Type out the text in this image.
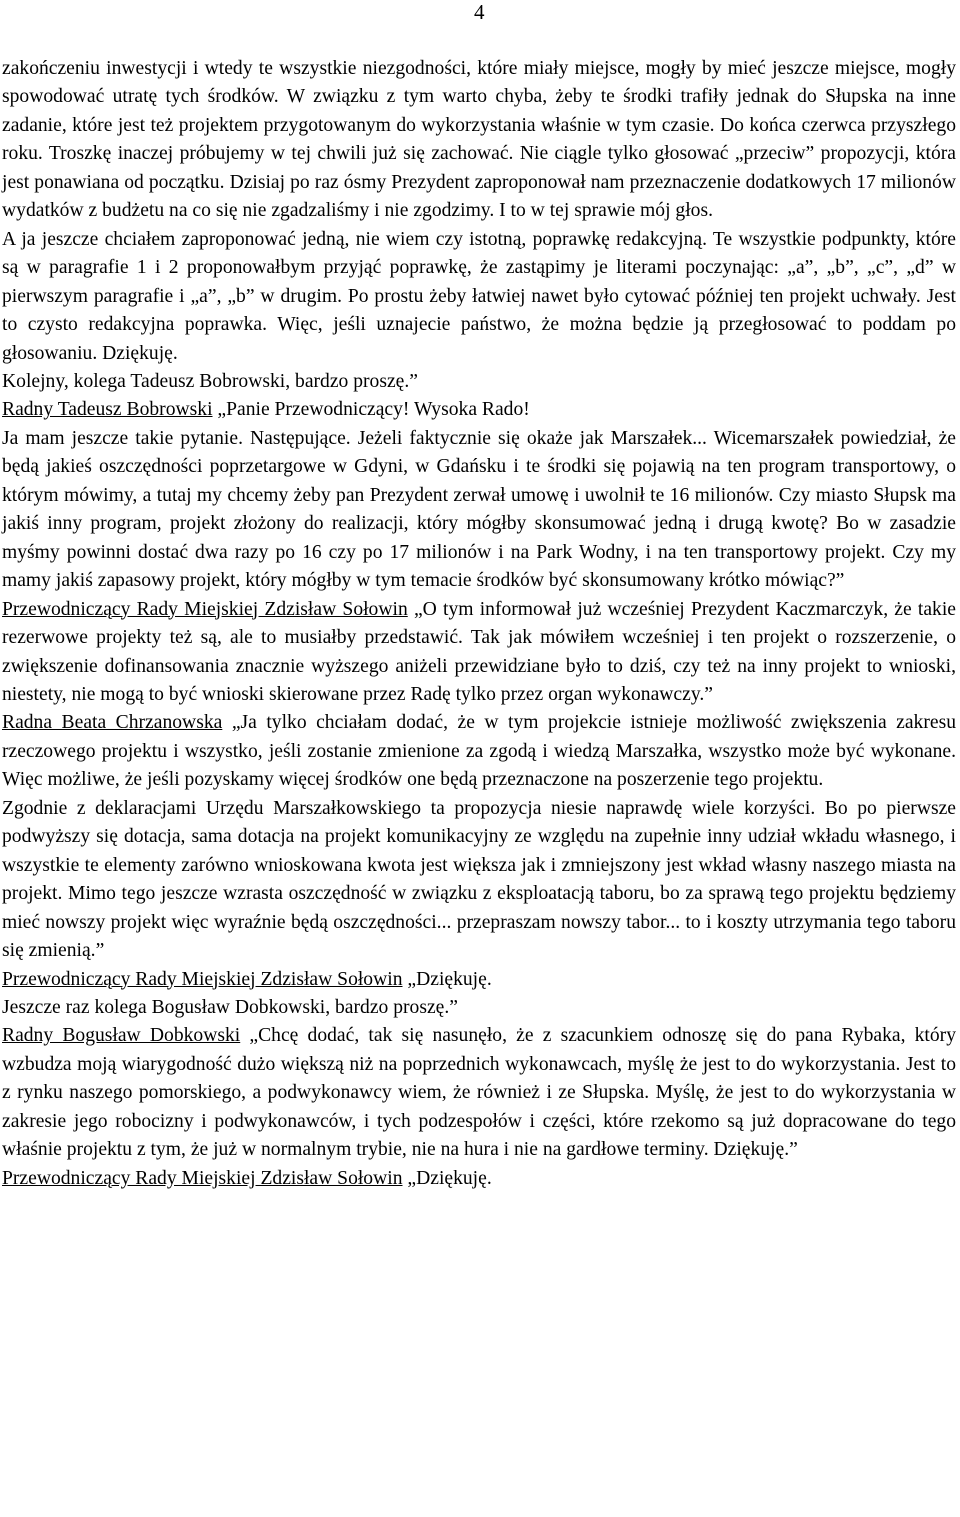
4

zakończeniu inwestycji i wtedy te wszystkie niezgodności, które miały miejsce, mogły by mieć jeszcze miejsce, mogły spowodować utratę tych środków. W związku z tym warto chyba, żeby te środki trafiły jednak do Słupska na inne zadanie, które jest też projektem przygotowanym do wykorzystania właśnie w tym czasie. Do końca czerwca przyszłego roku. Troszkę inaczej próbujemy w tej chwili już się zachować. Nie ciągle tylko głosować „przeciw” propozycji, która jest ponawiana od początku. Dzisiaj po raz ósmy Prezydent zaproponował nam przeznaczenie dodatkowych 17 milionów wydatków z budżetu na co się nie zgadzaliśmy i nie zgodzimy. I to w tej sprawie mój głos.

A ja jeszcze chciałem zaproponować jedną, nie wiem czy istotną, poprawkę redakcyjną. Te wszystkie podpunkty, które są w paragrafie 1 i 2 proponowałbym przyjąć poprawkę, że zastąpimy je literami poczynając: „a”, „b”, „c”, „d” w pierwszym paragrafie i „a”, „b” w drugim. Po prostu żeby łatwiej nawet było cytować później ten projekt uchwały. Jest to czysto redakcyjna poprawka. Więc, jeśli uznajecie państwo, że można będzie ją przegłosować to poddam po głosowaniu. Dziękuję.

Kolejny, kolega Tadeusz Bobrowski, bardzo proszę.”

Radny Tadeusz Bobrowski „Panie Przewodniczący! Wysoka Rado!

Ja mam jeszcze takie pytanie. Następujące. Jeżeli faktycznie się okaże jak Marszałek... Wicemarszałek powiedział, że będą jakieś oszczędności poprzetargowe w Gdyni, w Gdańsku i te środki się pojawią na ten program transportowy, o którym mówimy, a tutaj my chcemy żeby pan Prezydent zerwał umowę i uwolnił te 16 milionów. Czy miasto Słupsk ma jakiś inny program, projekt złożony do realizacji, który mógłby skonsumować jedną i drugą kwotę? Bo w zasadzie myśmy powinni dostać dwa razy po 16 czy po 17 milionów i na Park Wodny, i na ten transportowy projekt. Czy my mamy jakiś zapasowy projekt, który mógłby w tym temacie środków być skonsumowany krótko mówiąc?”

Przewodniczący Rady Miejskiej Zdzisław Sołowin „O tym informował już wcześniej Prezydent Kaczmarczyk, że takie rezerwowe projekty też są, ale to musiałby przedstawić. Tak jak mówiłem wcześniej i ten projekt o rozszerzenie, o zwiększenie dofinansowania znacznie wyższego aniżeli przewidziane było to dziś, czy też na inny projekt to wnioski, niestety, nie mogą to być wnioski skierowane przez Radę tylko przez organ wykonawczy.”

Radna Beata Chrzanowska „Ja tylko chciałam dodać, że w tym projekcie istnieje możliwość zwiększenia zakresu rzeczowego projektu i wszystko, jeśli zostanie zmienione za zgodą i wiedzą Marszałka, wszystko może być wykonane. Więc możliwe, że jeśli pozyskamy więcej środków one będą przeznaczone na poszerzenie tego projektu.

Zgodnie z deklaracjami Urzędu Marszałkowskiego ta propozycja niesie naprawdę wiele korzyści. Bo po pierwsze podwyższy się dotacja, sama dotacja na projekt komunikacyjny ze względu na zupełnie inny udział wkładu własnego, i wszystkie te elementy zarówno wnioskowana kwota jest większa jak i zmniejszony jest wkład własny naszego miasta na projekt. Mimo tego jeszcze wzrasta oszczędność w związku z eksploatacją taboru, bo za sprawą tego projektu będziemy mieć nowszy projekt więc wyraźnie będą oszczędności... przepraszam nowszy tabor... to i koszty utrzymania tego taboru się zmienią.”

Przewodniczący Rady Miejskiej Zdzisław Sołowin „Dziękuję.

Jeszcze raz kolega Bogusław Dobkowski, bardzo proszę.”

Radny Bogusław Dobkowski „Chcę dodać, tak się nasunęło, że z szacunkiem odnoszę się do pana Rybaka, który wzbudza moją wiarygodność dużo większą niż na poprzednich wykonawcach, myślę że jest to do wykorzystania. Jest to z rynku naszego pomorskiego, a podwykonawcy wiem, że również i ze Słupska. Myślę, że jest to do wykorzystania w zakresie jego robocizny i podwykonawców, i tych podzespołów i części, które rzekomo są już dopracowane do tego właśnie projektu z tym, że już w normalnym trybie, nie na hura i nie na gardłowe terminy. Dziękuję.”

Przewodniczący Rady Miejskiej Zdzisław Sołowin „Dziękuję.
